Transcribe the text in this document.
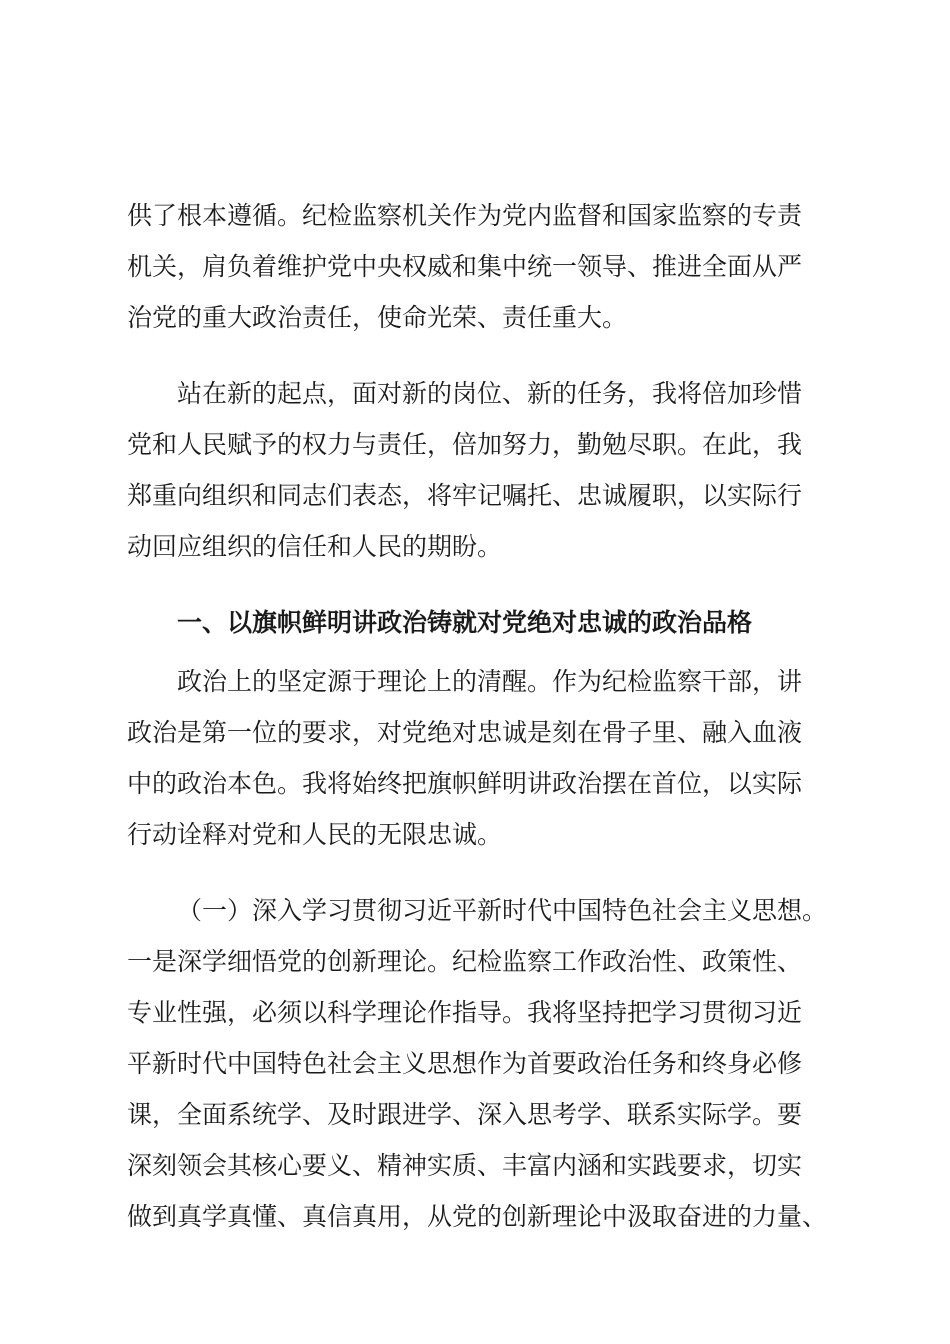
供了根本遵循。纪检监察机关作为党内监督和国家监察的专责
机关，肩负着维护党中央权威和集中统一领导、推进全面从严
治党的重大政治责任，使命光荣、责任重大。
站在新的起点，面对新的岗位、新的任务，我将倍加珍惜
党和人民赋予的权力与责任，倍加努力，勤勉尽职。在此，我
郑重向组织和同志们表态，将牢记嘱托、忠诚履职，以实际行
动回应组织的信任和人民的期盼。
一、以旗帜鲜明讲政治铸就对党绝对忠诚的政治品格
政治上的坚定源于理论上的清醒。作为纪检监察干部，讲
政治是第一位的要求，对党绝对忠诚是刻在骨子里、融入血液
中的政治本色。我将始终把旗帜鲜明讲政治摆在首位，以实际
行动诠释对党和人民的无限忠诚。
（一）深入学习贯彻习近平新时代中国特色社会主义思想。
一是深学细悟党的创新理论。纪检监察工作政治性、政策性、
专业性强，必须以科学理论作指导。我将坚持把学习贯彻习近
平新时代中国特色社会主义思想作为首要政治任务和终身必修
课，全面系统学、及时跟进学、深入思考学、联系实际学。要
深刻领会其核心要义、精神实质、丰富内涵和实践要求，切实
做到真学真懂、真信真用，从党的创新理论中汲取奋进的力量、
